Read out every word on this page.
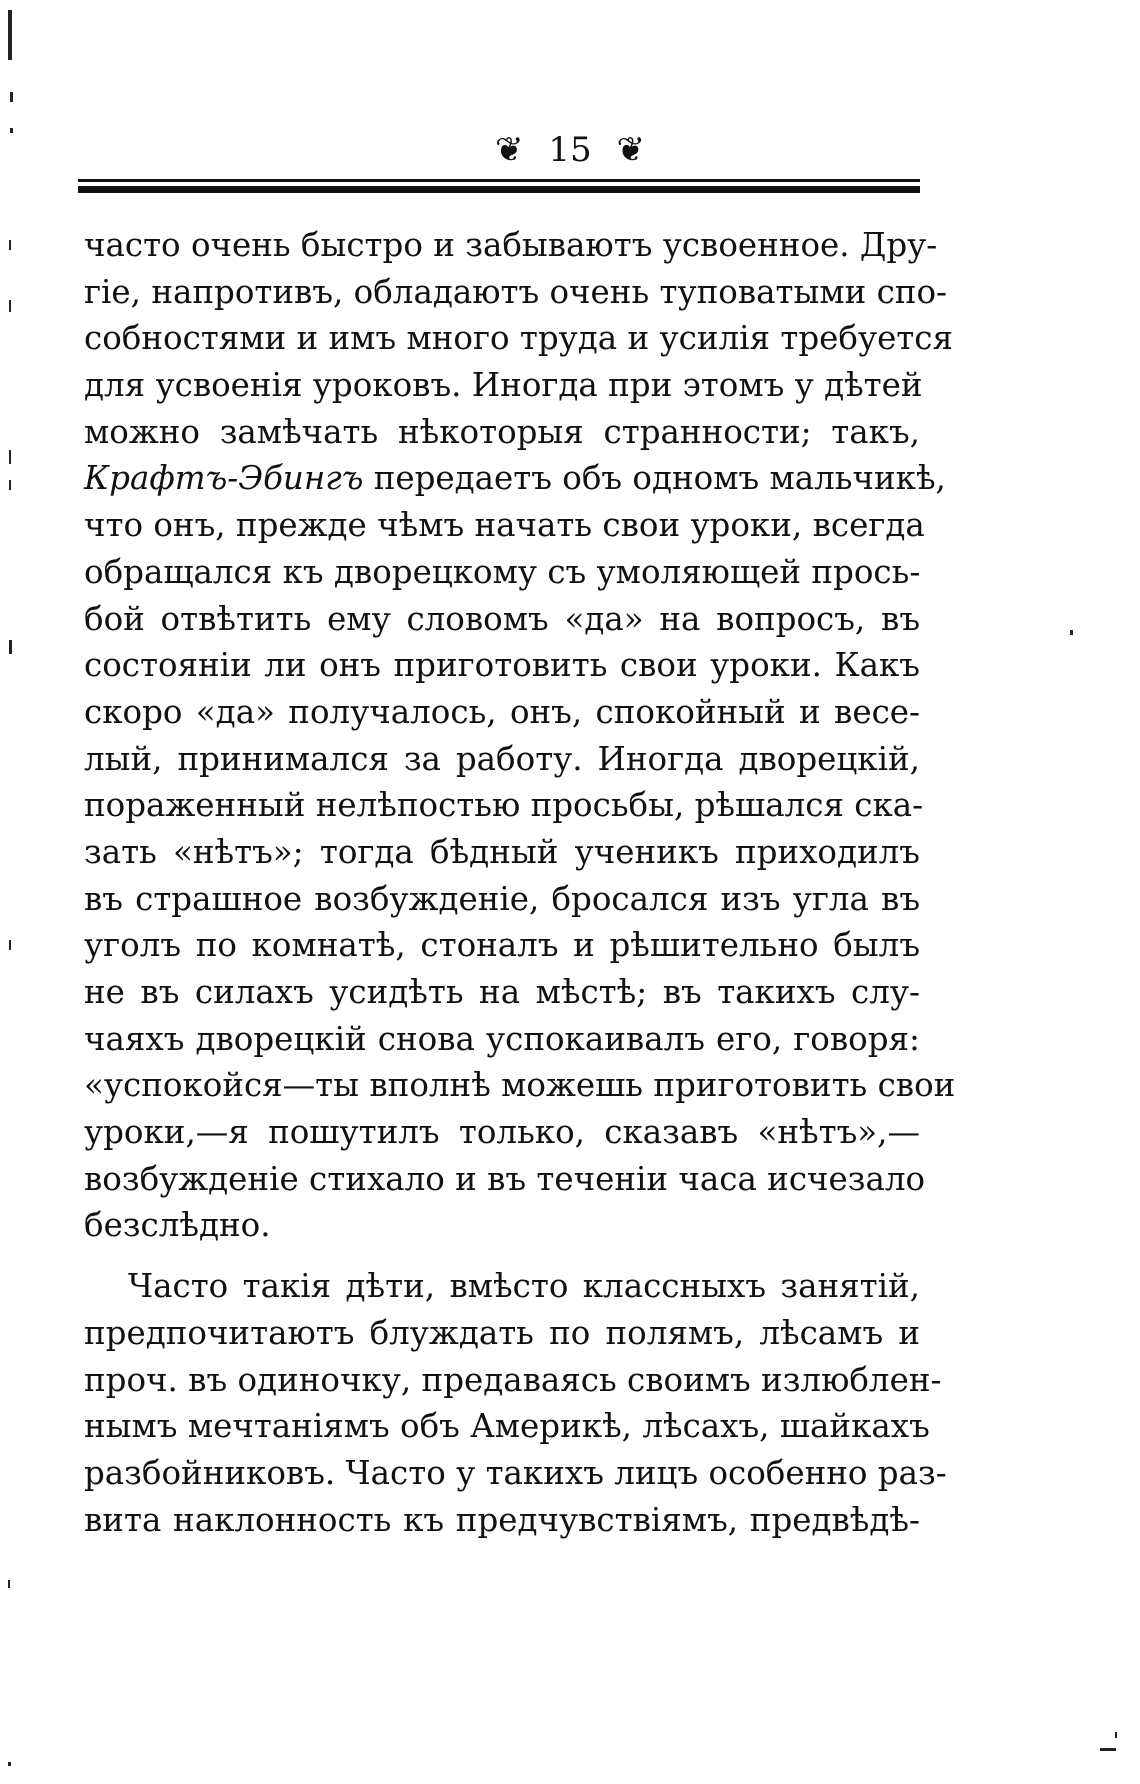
❦ 15 ❦
часто очень быстро и забываютъ усвоенное. Дру-
гіе, напротивъ, обладаютъ очень туповатыми спо-
собностями и имъ много труда и усилія требуется
для усвоенія уроковъ. Иногда при этомъ у дѣтей
можно замѣчать нѣкоторыя странности; такъ,
Крафтъ-Эбингъ передаетъ объ одномъ мальчикѣ,
что онъ, прежде чѣмъ начать свои уроки, всегда
обращался къ дворецкому съ умоляющей прось-
бой отвѣтить ему словомъ «да» на вопросъ, въ
состояніи ли онъ приготовить свои уроки. Какъ
скоро «да» получалось, онъ, спокойный и весе-
лый, принимался за работу. Иногда дворецкій,
пораженный нелѣпостью просьбы, рѣшался ска-
зать «нѣтъ»; тогда бѣдный ученикъ приходилъ
въ страшное возбужденіе, бросался изъ угла въ
уголъ по комнатѣ, стоналъ и рѣшительно былъ
не въ силахъ усидѣть на мѣстѣ; въ такихъ слу-
чаяхъ дворецкій снова успокаивалъ его, говоря:
«успокойся—ты вполнѣ можешь приготовить свои
уроки,—я пошутилъ только, сказавъ «нѣтъ»,—
возбужденіе стихало и въ теченіи часа исчезало
безслѣдно.
Часто такія дѣти, вмѣсто классныхъ занятій,
предпочитаютъ блуждать по полямъ, лѣсамъ и
проч. въ одиночку, предаваясь своимъ излюблен-
нымъ мечтаніямъ объ Америкѣ, лѣсахъ, шайкахъ
разбойниковъ. Часто у такихъ лицъ особенно раз-
вита наклонность къ предчувствіямъ, предвѣдѣ-
